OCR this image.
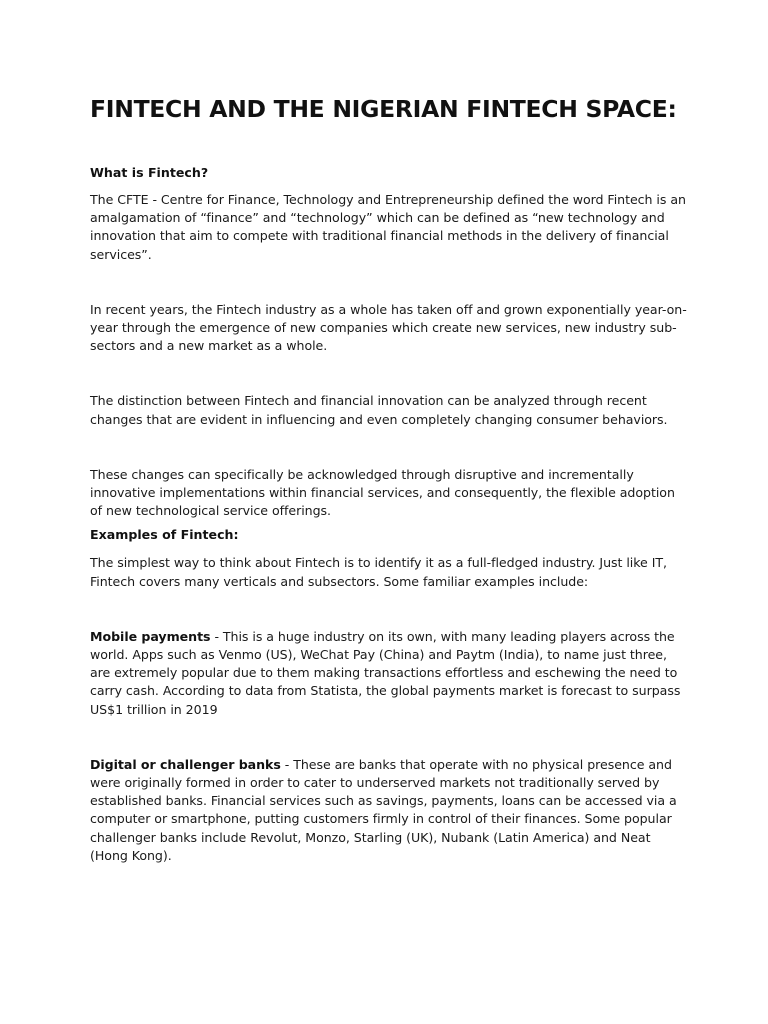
FINTECH AND THE NIGERIAN FINTECH SPACE:
What is Fintech?

The CFTE - Centre for Finance, Technology and Entrepreneurship defined the word Fintech is an amalgamation of “finance” and “technology” which can be defined as “new technology and innovation that aim to compete with traditional financial methods in the delivery of financial services”.

In recent years, the Fintech industry as a whole has taken off and grown exponentially year-on-year through the emergence of new companies which create new services, new industry sub-sectors and a new market as a whole.

The distinction between Fintech and financial innovation can be analyzed through recent changes that are evident in influencing and even completely changing consumer behaviors.

These changes can specifically be acknowledged through disruptive and incrementally innovative implementations within financial services, and consequently, the flexible adoption of new technological service offerings.

Examples of Fintech:

The simplest way to think about Fintech is to identify it as a full-fledged industry. Just like IT, Fintech covers many verticals and subsectors. Some familiar examples include:

Mobile payments - This is a huge industry on its own, with many leading players across the world. Apps such as Venmo (US), WeChat Pay (China) and Paytm (India), to name just three, are extremely popular due to them making transactions effortless and eschewing the need to carry cash. According to data from Statista, the global payments market is forecast to surpass US$1 trillion in 2019

Digital or challenger banks - These are banks that operate with no physical presence and were originally formed in order to cater to underserved markets not traditionally served by established banks. Financial services such as savings, payments, loans can be accessed via a computer or smartphone, putting customers firmly in control of their finances. Some popular challenger banks include Revolut, Monzo, Starling (UK), Nubank (Latin America) and Neat (Hong Kong).
